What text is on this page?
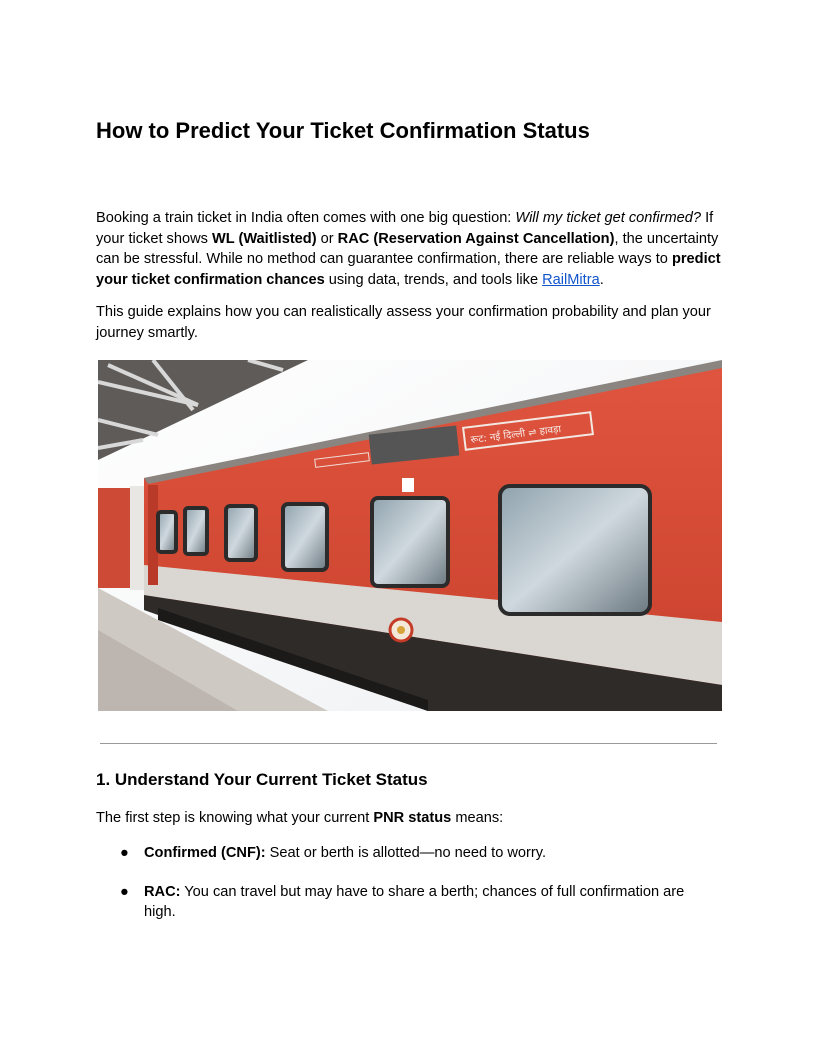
How to Predict Your Ticket Confirmation Status

Booking a train ticket in India often comes with one big question: Will my ticket get confirmed? If your ticket shows WL (Waitlisted) or RAC (Reservation Against Cancellation), the uncertainty can be stressful. While no method can guarantee confirmation, there are reliable ways to predict your ticket confirmation chances using data, trends, and tools like RailMitra.

This guide explains how you can realistically assess your confirmation probability and plan your journey smartly.

रूट: नई दिल्ली ⇌ हावड़ा
1. Understand Your Current Ticket Status

The first step is knowing what your current PNR status means:

● Confirmed (CNF): Seat or berth is allotted—no need to worry.
● RAC: You can travel but may have to share a berth; chances of full confirmation are high.
